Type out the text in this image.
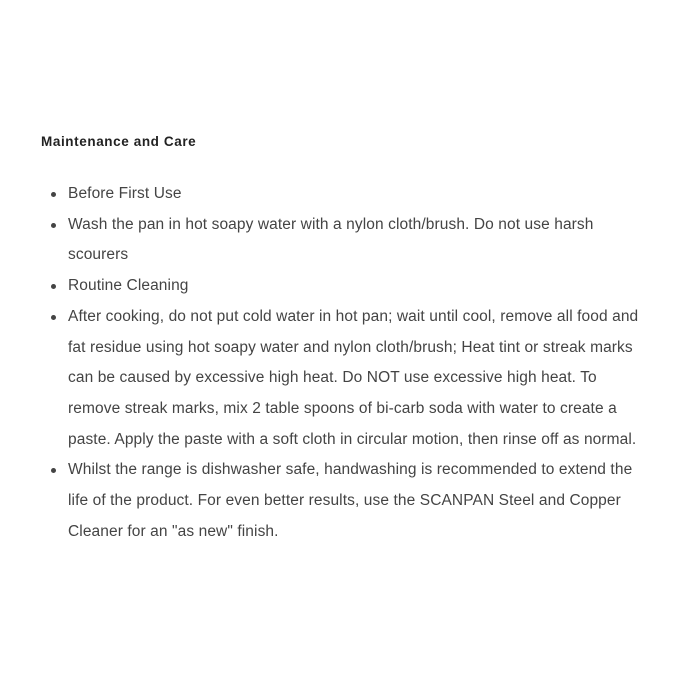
Maintenance and Care
Before First Use
Wash the pan in hot soapy water with a nylon cloth/brush. Do not use harsh scourers
Routine Cleaning
After cooking, do not put cold water in hot pan; wait until cool, remove all food and fat residue using hot soapy water and nylon cloth/brush; Heat tint or streak marks can be caused by excessive high heat. Do NOT use excessive high heat. To remove streak marks, mix 2 table spoons of bi-carb soda with water to create a paste. Apply the paste with a soft cloth in circular motion, then rinse off as normal.
Whilst the range is dishwasher safe, handwashing is recommended to extend the life of the product. For even better results, use the SCANPAN Steel and Copper Cleaner for an "as new" finish.
